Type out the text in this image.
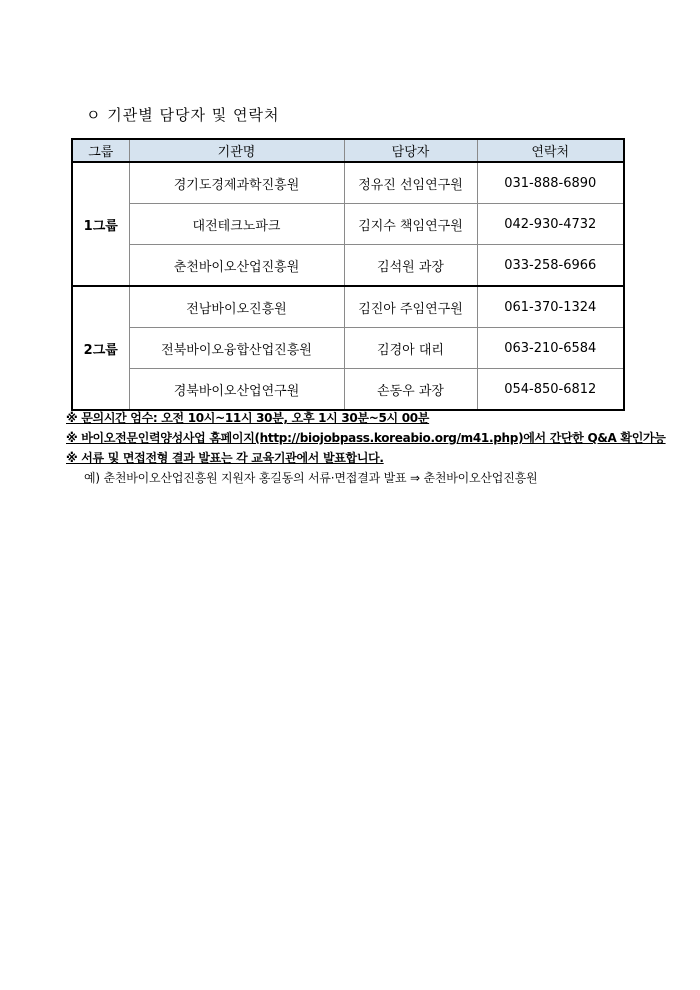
ㅇ 기관별 담당자 및 연락처
그룹	기관명	담당자	연락처
1그룹	경기도경제과학진흥원	정유진 선임연구원	031-888-6890
	대전테크노파크	김지수 책임연구원	042-930-4732
	춘천바이오산업진흥원	김석원 과장	033-258-6966
2그룹	전남바이오진흥원	김진아 주임연구원	061-370-1324
	전북바이오융합산업진흥원	김경아 대리	063-210-6584
	경북바이오산업연구원	손동우 과장	054-850-6812
※ 문의시간 엄수: 오전 10시~11시 30분, 오후 1시 30분~5시 00분
※ 바이오전문인력양성사업 홈페이지(http://biojobpass.koreabio.org/m41.php)에서 간단한 Q&A 확인가능
※ 서류 및 면접전형 결과 발표는 각 교육기관에서 발표합니다.
예) 춘천바이오산업진흥원 지원자 홍길동의 서류·면접결과 발표 ⇒ 춘천바이오산업진흥원
